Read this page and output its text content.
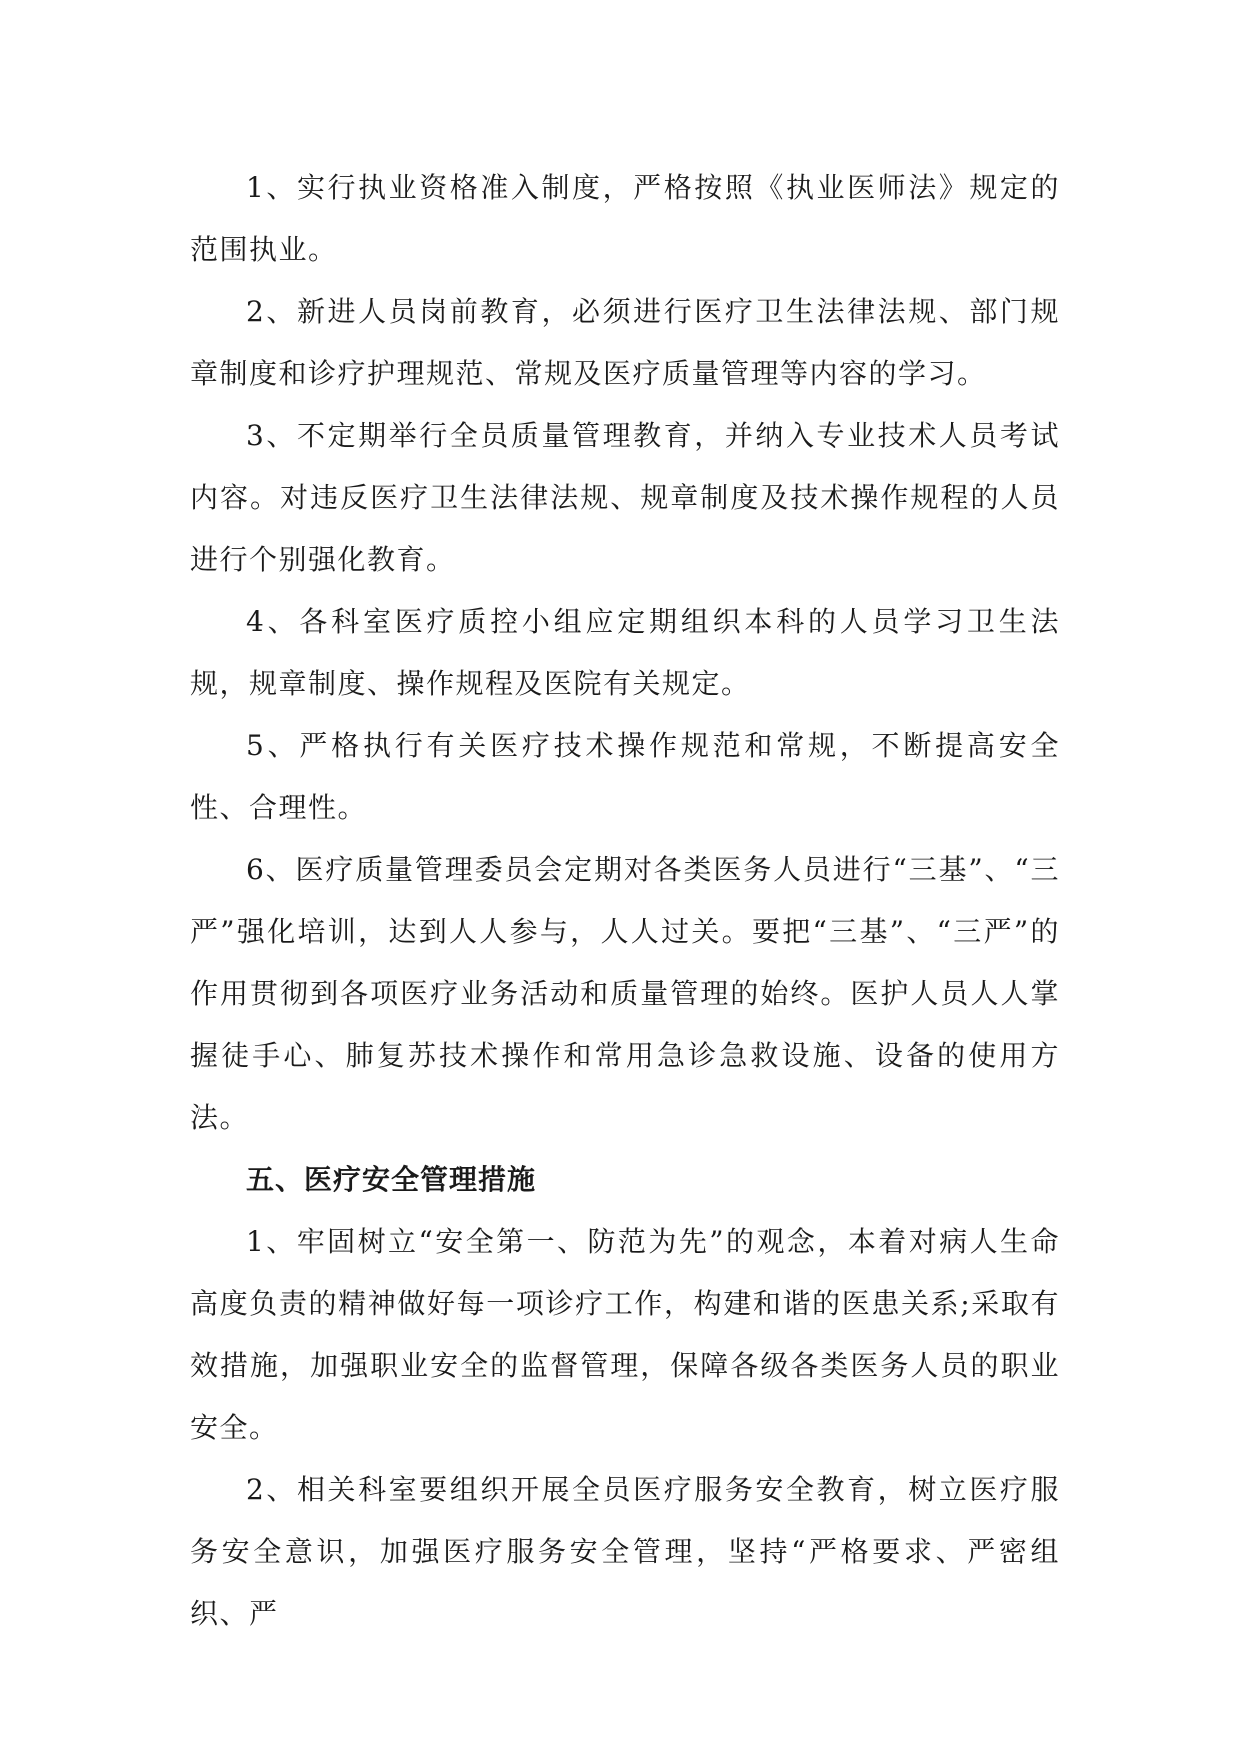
1、实行执业资格准入制度，严格按照《执业医师法》规定的范围执业。

2、新进人员岗前教育，必须进行医疗卫生法律法规、部门规章制度和诊疗护理规范、常规及医疗质量管理等内容的学习。

3、不定期举行全员质量管理教育，并纳入专业技术人员考试内容。对违反医疗卫生法律法规、规章制度及技术操作规程的人员进行个别强化教育。

4、各科室医疗质控小组应定期组织本科的人员学习卫生法规，规章制度、操作规程及医院有关规定。

5、严格执行有关医疗技术操作规范和常规，不断提高安全性、合理性。

6、医疗质量管理委员会定期对各类医务人员进行“三基”、“三严”强化培训，达到人人参与，人人过关。要把“三基”、“三严”的作用贯彻到各项医疗业务活动和质量管理的始终。医护人员人人掌握徒手心、肺复苏技术操作和常用急诊急救设施、设备的使用方法。

五、医疗安全管理措施

1、牢固树立“安全第一、防范为先”的观念，本着对病人生命高度负责的精神做好每一项诊疗工作，构建和谐的医患关系;采取有效措施，加强职业安全的监督管理，保障各级各类医务人员的职业安全。

2、相关科室要组织开展全员医疗服务安全教育，树立医疗服务安全意识，加强医疗服务安全管理，坚持“严格要求、严密组织、严
